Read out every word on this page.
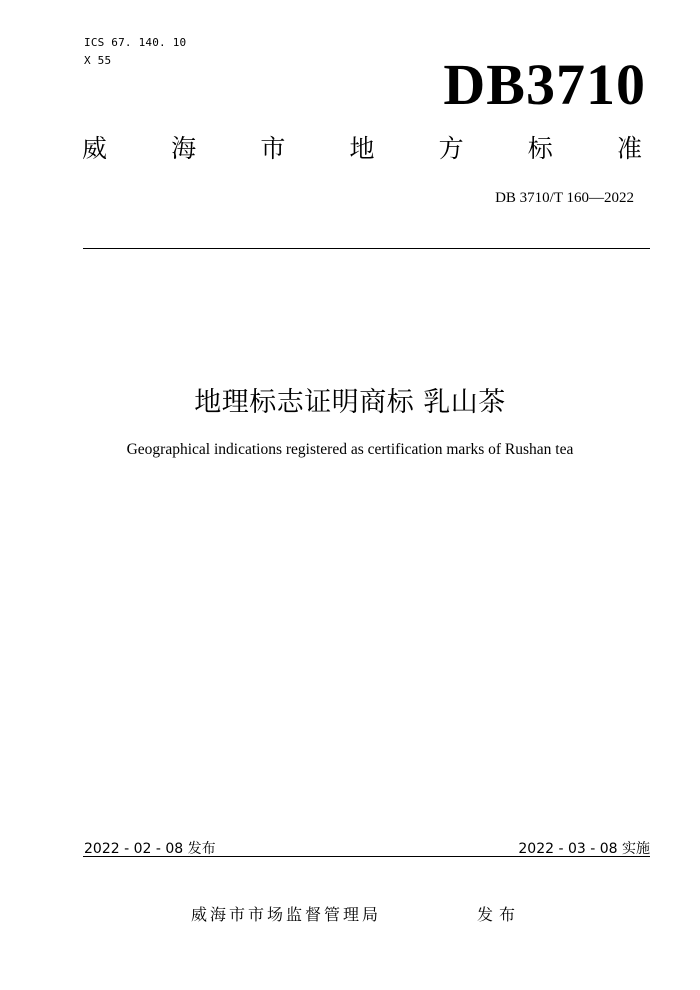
ICS 67. 140. 10
X 55	DB3710
威	海	市	地	方	标	准
DB 3710/T 160—2022
地理标志证明商标 乳山茶
Geographical indications registered as certification marks of Rushan tea
2022 - 02 - 08 发布	2022 - 03 - 08 实施
威海市市场监督管理局	发布
